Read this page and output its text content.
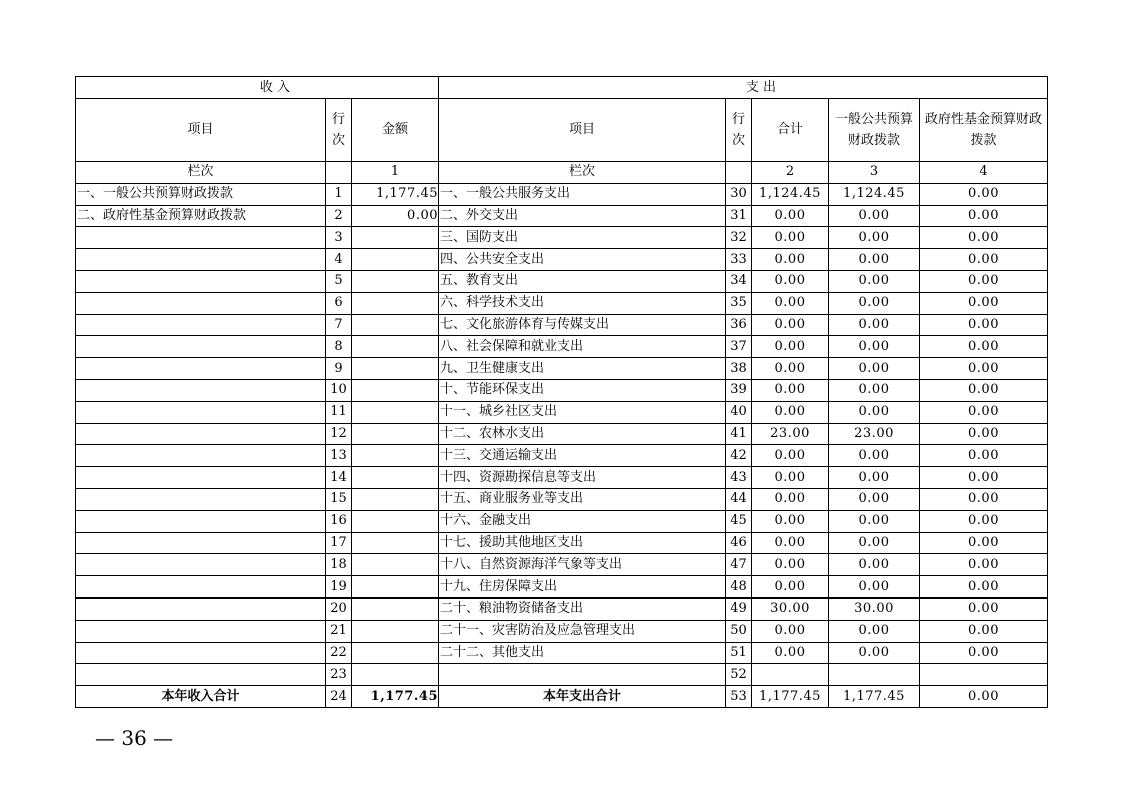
收 入			支 出				
项目	行次	金额	项目	行次	合计	一般公共预算财政拨款	政府性基金预算财政拨款
栏次		1	栏次		2	3	4
一、一般公共预算财政拨款	1	1,177.45	一、一般公共服务支出	30	1,124.45	1,124.45	0.00
二、政府性基金预算财政拨款	2	0.00	二、外交支出	31	0.00	0.00	0.00
	3		三、国防支出	32	0.00	0.00	0.00
	4		四、公共安全支出	33	0.00	0.00	0.00
	5		五、教育支出	34	0.00	0.00	0.00
	6		六、科学技术支出	35	0.00	0.00	0.00
	7		七、文化旅游体育与传媒支出	36	0.00	0.00	0.00
	8		八、社会保障和就业支出	37	0.00	0.00	0.00
	9		九、卫生健康支出	38	0.00	0.00	0.00
	10		十、节能环保支出	39	0.00	0.00	0.00
	11		十一、城乡社区支出	40	0.00	0.00	0.00
	12		十二、农林水支出	41	23.00	23.00	0.00
	13		十三、交通运输支出	42	0.00	0.00	0.00
	14		十四、资源勘探信息等支出	43	0.00	0.00	0.00
	15		十五、商业服务业等支出	44	0.00	0.00	0.00
	16		十六、金融支出	45	0.00	0.00	0.00
	17		十七、援助其他地区支出	46	0.00	0.00	0.00
	18		十八、自然资源海洋气象等支出	47	0.00	0.00	0.00
	19		十九、住房保障支出	48	0.00	0.00	0.00
	20		二十、粮油物资储备支出	49	30.00	30.00	0.00
	21		二十一、灾害防治及应急管理支出	50	0.00	0.00	0.00
	22		二十二、其他支出	51	0.00	0.00	0.00
	23			52			
本年收入合计	24	1,177.45	本年支出合计	53	1,177.45	1,177.45	0.00
— 36 —
